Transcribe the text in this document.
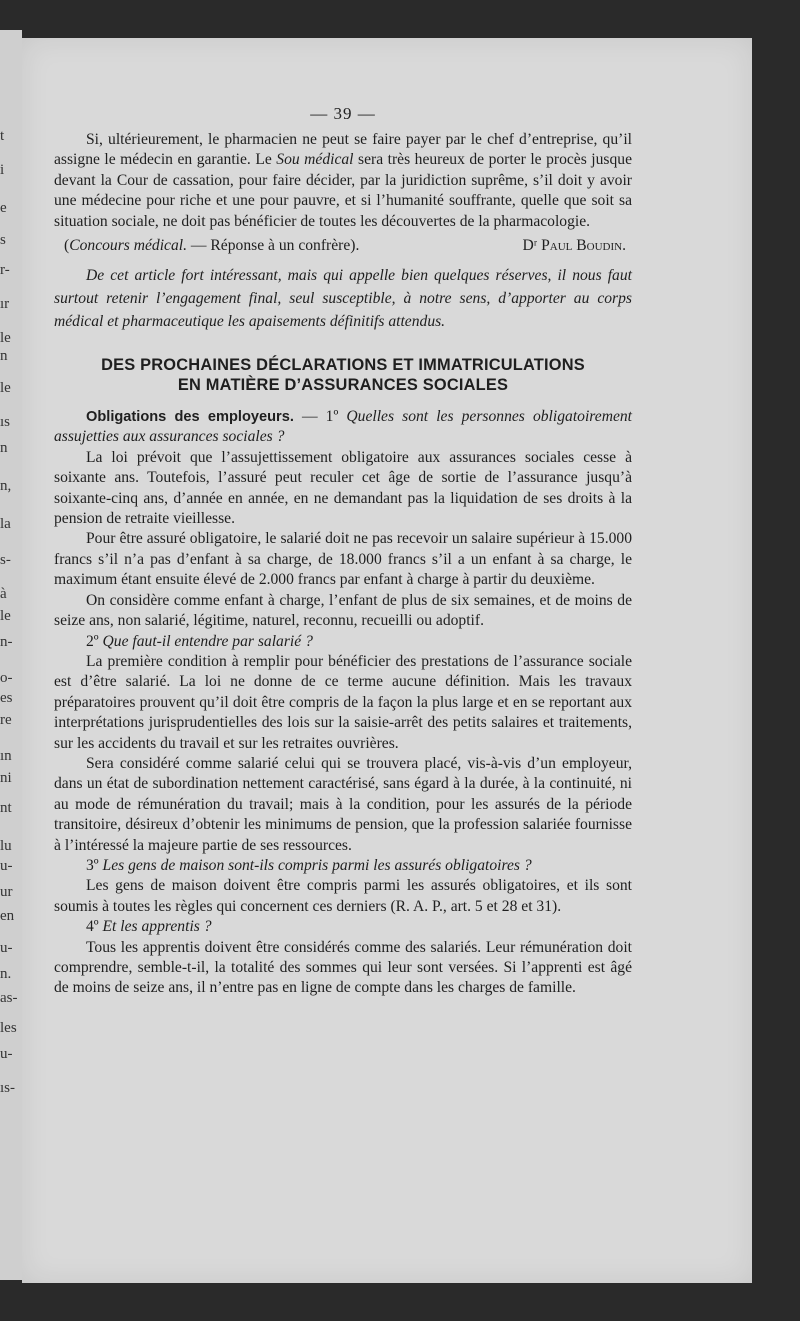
t
i
e
s
r-
ır
le
n
le
ıs
n
n,
la
s-
à
le
n-
o-
es
re
ın
ni
nt
lu
u-
ur
en
u-
n.
as-
les
u-
ıs-
— 39 —

Si, ultérieurement, le pharmacien ne peut se faire payer par le chef d’entreprise, qu’il assigne le médecin en garantie. Le Sou médical sera très heureux de porter le procès jusque devant la Cour de cassation, pour faire décider, par la juridiction suprême, s’il doit y avoir une médecine pour riche et une pour pauvre, et si l’humanité souffrante, quelle que soit sa situation sociale, ne doit pas bénéficier de toutes les découvertes de la pharmacologie.

(Concours médical. — Réponse à un confrère).	Dʳ Paul Boudin.

De cet article fort intéressant, mais qui appelle bien quelques réserves, il nous faut surtout retenir l’engagement final, seul susceptible, à notre sens, d’apporter au corps médical et pharmaceutique les apaisements définitifs attendus.

DES PROCHAINES DÉCLARATIONS ET IMMATRICULATIONS
EN MATIÈRE D’ASSURANCES SOCIALES

Obligations des employeurs. — 1º Quelles sont les personnes obligatoirement assujetties aux assurances sociales ?

La loi prévoit que l’assujettissement obligatoire aux assurances sociales cesse à soixante ans. Toutefois, l’assuré peut reculer cet âge de sortie de l’assurance jusqu’à soixante-cinq ans, d’année en année, en ne demandant pas la liquidation de ses droits à la pension de retraite vieillesse.

Pour être assuré obligatoire, le salarié doit ne pas recevoir un salaire supérieur à 15.000 francs s’il n’a pas d’enfant à sa charge, de 18.000 francs s’il a un enfant à sa charge, le maximum étant ensuite élevé de 2.000 francs par enfant à charge à partir du deuxième.

On considère comme enfant à charge, l’enfant de plus de six semaines, et de moins de seize ans, non salarié, légitime, naturel, reconnu, recueilli ou adoptif.

2º Que faut-il entendre par salarié ?

La première condition à remplir pour bénéficier des prestations de l’assurance sociale est d’être salarié. La loi ne donne de ce terme aucune définition. Mais les travaux préparatoires prouvent qu’il doit être compris de la façon la plus large et en se reportant aux interprétations jurisprudentielles des lois sur la saisie-arrêt des petits salaires et traitements, sur les accidents du travail et sur les retraites ouvrières.

Sera considéré comme salarié celui qui se trouvera placé, vis-à-vis d’un employeur, dans un état de subordination nettement caractérisé, sans égard à la durée, à la continuité, ni au mode de rémunération du travail; mais à la condition, pour les assurés de la période transitoire, désireux d’obtenir les minimums de pension, que la profession salariée fournisse à l’intéressé la majeure partie de ses ressources.

3º Les gens de maison sont-ils compris parmi les assurés obligatoires ?

Les gens de maison doivent être compris parmi les assurés obligatoires, et ils sont soumis à toutes les règles qui concernent ces derniers (R. A. P., art. 5 et 28 et 31).

4º Et les apprentis ?

Tous les apprentis doivent être considérés comme des salariés. Leur rémunération doit comprendre, semble-t-il, la totalité des sommes qui leur sont versées. Si l’apprenti est âgé de moins de seize ans, il n’entre pas en ligne de compte dans les charges de famille.
